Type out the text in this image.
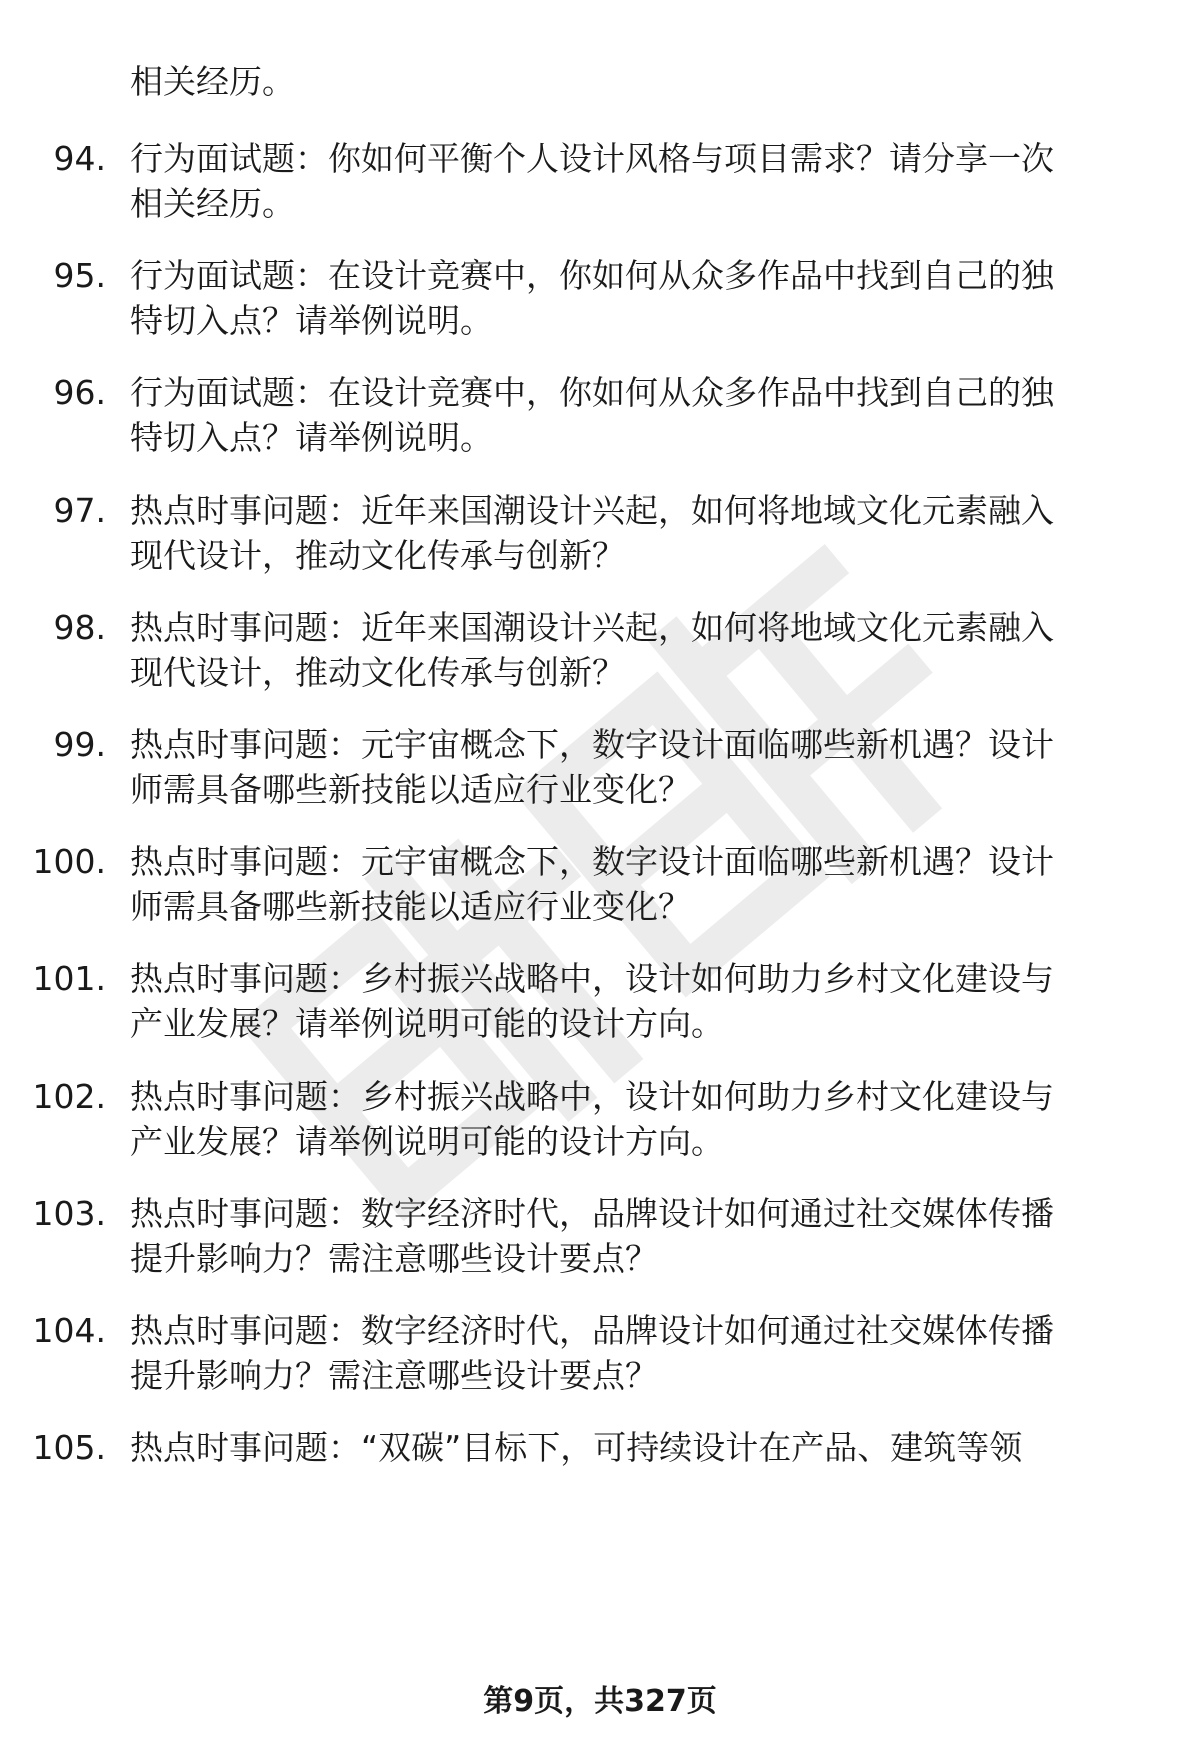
相关经历。
94. 行为面试题：你如何平衡个人设计风格与项目需求？请分享一次
相关经历。
95. 行为面试题：在设计竞赛中，你如何从众多作品中找到自己的独
特切入点？请举例说明。
96. 行为面试题：在设计竞赛中，你如何从众多作品中找到自己的独
特切入点？请举例说明。
97. 热点时事问题：近年来国潮设计兴起，如何将地域文化元素融入
现代设计，推动文化传承与创新？
98. 热点时事问题：近年来国潮设计兴起，如何将地域文化元素融入
现代设计，推动文化传承与创新？
99. 热点时事问题：元宇宙概念下，数字设计面临哪些新机遇？设计
师需具备哪些新技能以适应行业变化？
100. 热点时事问题：元宇宙概念下，数字设计面临哪些新机遇？设计
师需具备哪些新技能以适应行业变化？
101. 热点时事问题：乡村振兴战略中，设计如何助力乡村文化建设与
产业发展？请举例说明可能的设计方向。
102. 热点时事问题：乡村振兴战略中，设计如何助力乡村文化建设与
产业发展？请举例说明可能的设计方向。
103. 热点时事问题：数字经济时代，品牌设计如何通过社交媒体传播
提升影响力？需注意哪些设计要点？
104. 热点时事问题：数字经济时代，品牌设计如何通过社交媒体传播
提升影响力？需注意哪些设计要点？
105. 热点时事问题：“双碳”目标下，可持续设计在产品、建筑等领
第9页，共327页
